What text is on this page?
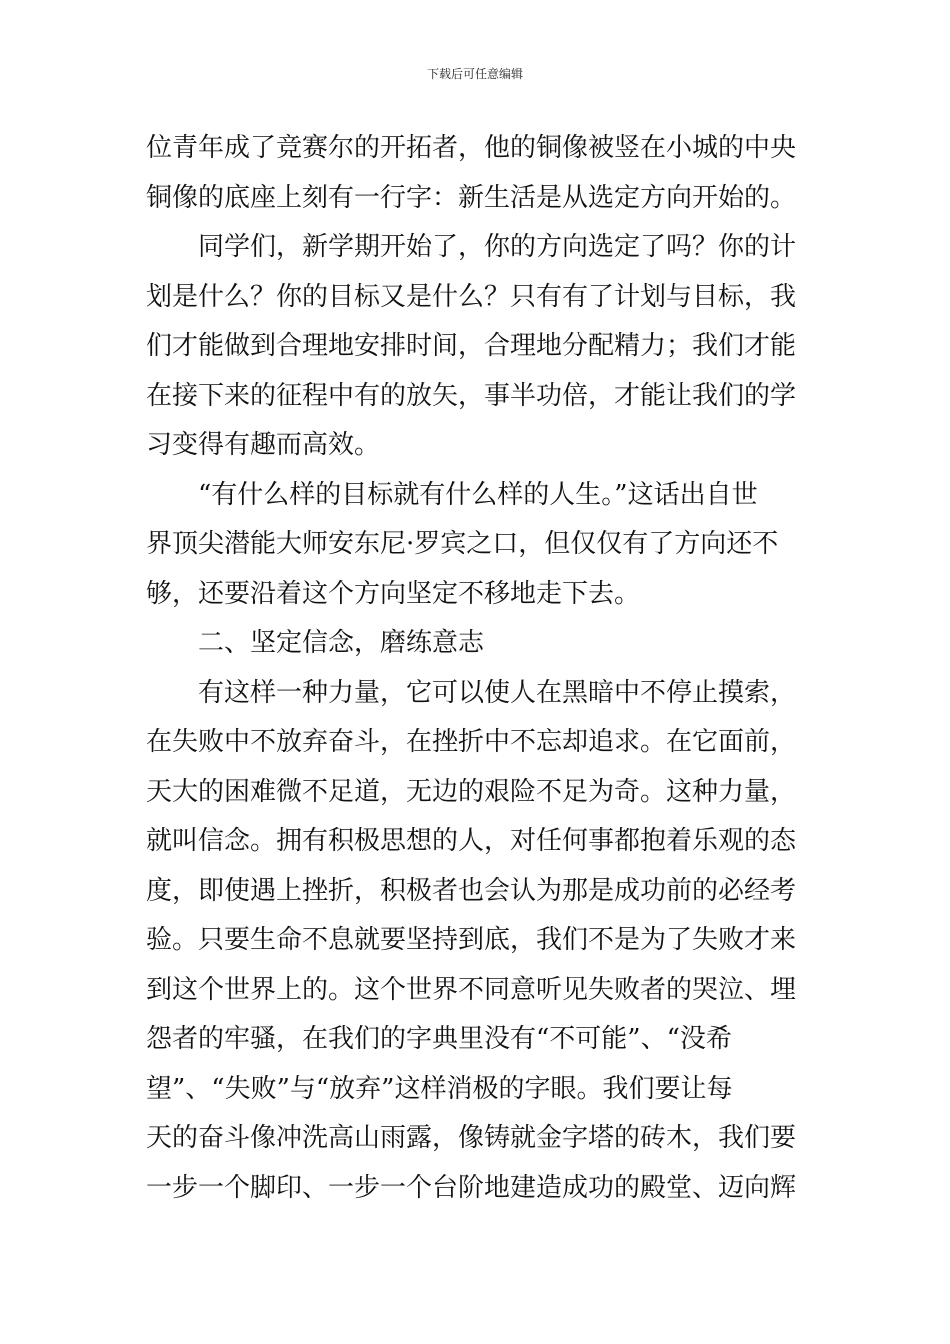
下载后可任意编辑
位青年成了竞赛尔的开拓者，他的铜像被竖在小城的中央
铜像的底座上刻有一行字：新生活是从选定方向开始的。
　　同学们，新学期开始了，你的方向选定了吗？你的计
划是什么？你的目标又是什么？只有有了计划与目标，我
们才能做到合理地安排时间，合理地分配精力；我们才能
在接下来的征程中有的放矢，事半功倍，才能让我们的学
习变得有趣而高效。
　　“有什么样的目标就有什么样的人生。”这话出自世
界顶尖潜能大师安东尼·罗宾之口，但仅仅有了方向还不
够，还要沿着这个方向坚定不移地走下去。
　　二、坚定信念，磨练意志
　　有这样一种力量，它可以使人在黑暗中不停止摸索，
在失败中不放弃奋斗，在挫折中不忘却追求。在它面前，
天大的困难微不足道，无边的艰险不足为奇。这种力量，
就叫信念。拥有积极思想的人，对任何事都抱着乐观的态
度，即使遇上挫折，积极者也会认为那是成功前的必经考
验。只要生命不息就要坚持到底，我们不是为了失败才来
到这个世界上的。这个世界不同意听见失败者的哭泣、埋
怨者的牢骚，在我们的字典里没有“不可能”、“没希
望”、“失败”与“放弃”这样消极的字眼。我们要让每
天的奋斗像冲洗高山雨露，像铸就金字塔的砖木，我们要
一步一个脚印、一步一个台阶地建造成功的殿堂、迈向辉
